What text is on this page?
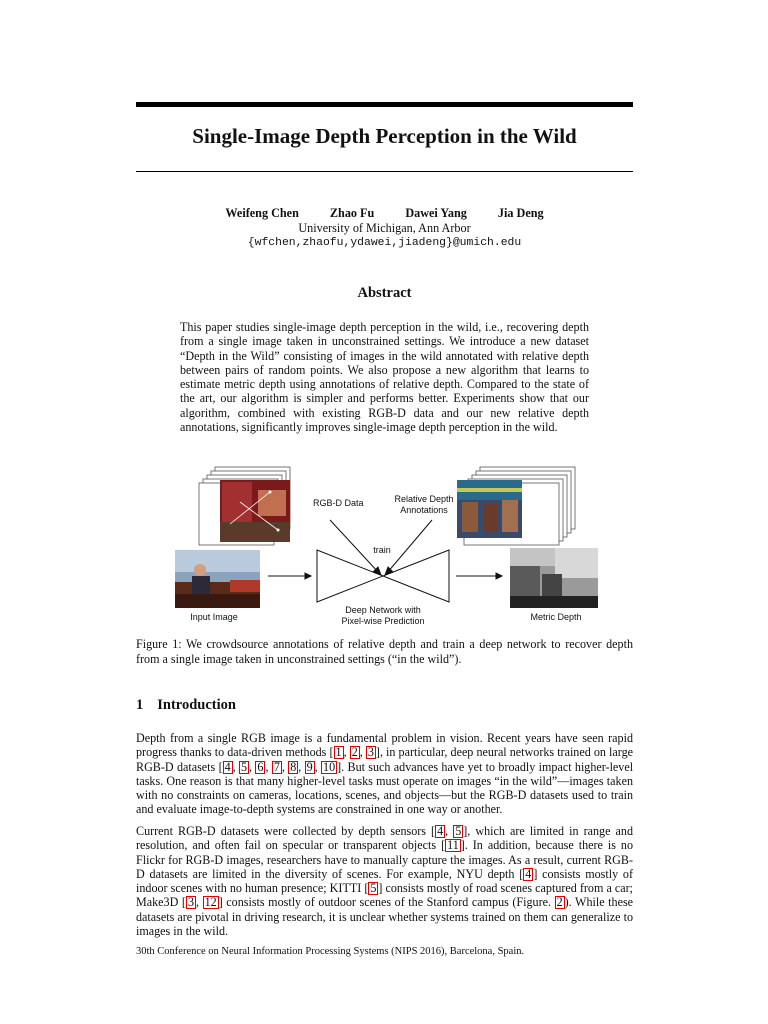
Single-Image Depth Perception in the Wild
Weifeng Chen	Zhao Fu	Dawei Yang	Jia Deng
University of Michigan, Ann Arbor
{wfchen,zhaofu,ydawei,jiadeng}@umich.edu
Abstract
This paper studies single-image depth perception in the wild, i.e., recovering depth from a single image taken in unconstrained settings. We introduce a new dataset “Depth in the Wild” consisting of images in the wild annotated with relative depth between pairs of random points. We also propose a new algorithm that learns to estimate metric depth using annotations of relative depth. Compared to the state of the art, our algorithm is simpler and performs better. Experiments show that our algorithm, combined with existing RGB-D data and our new relative depth annotations, significantly improves single-image depth perception in the wild.
RGB-D Data	Relative Depth
Annotations
train
Input Image
Deep Network with
Pixel-wise Prediction	Metric Depth
Figure 1: We crowdsource annotations of relative depth and train a deep network to recover depth from a single image taken in unconstrained settings (“in the wild”).
1 Introduction
Depth from a single RGB image is a fundamental problem in vision. Recent years have seen rapid progress thanks to data-driven methods [ 1 , 2 , 3 ], in particular, deep neural networks trained on large RGB-D datasets [ 4 , 5 , 6 , 7 , 8 , 9 , 10 ]. But such advances have yet to broadly impact higher-level tasks. One reason is that many higher-level tasks must operate on images “in the wild”—images taken with no constraints on cameras, locations, scenes, and objects—but the RGB-D datasets used to train and evaluate image-to-depth systems are constrained in one way or another.
Current RGB-D datasets were collected by depth sensors [ 4 , 5 ], which are limited in range and resolution, and often fail on specular or transparent objects [ 11 ]. In addition, because there is no Flickr for RGB-D images, researchers have to manually capture the images. As a result, current RGB-D datasets are limited in the diversity of scenes. For example, NYU depth [ 4 ] consists mostly of indoor scenes with no human presence; KITTI [ 5 ] consists mostly of road scenes captured from a car; Make3D [ 3 , 12 ] consists mostly of outdoor scenes of the Stanford campus (Figure. 2 ). While these datasets are pivotal in driving research, it is unclear whether systems trained on them can generalize to images in the wild.
30th Conference on Neural Information Processing Systems (NIPS 2016), Barcelona, Spain.
